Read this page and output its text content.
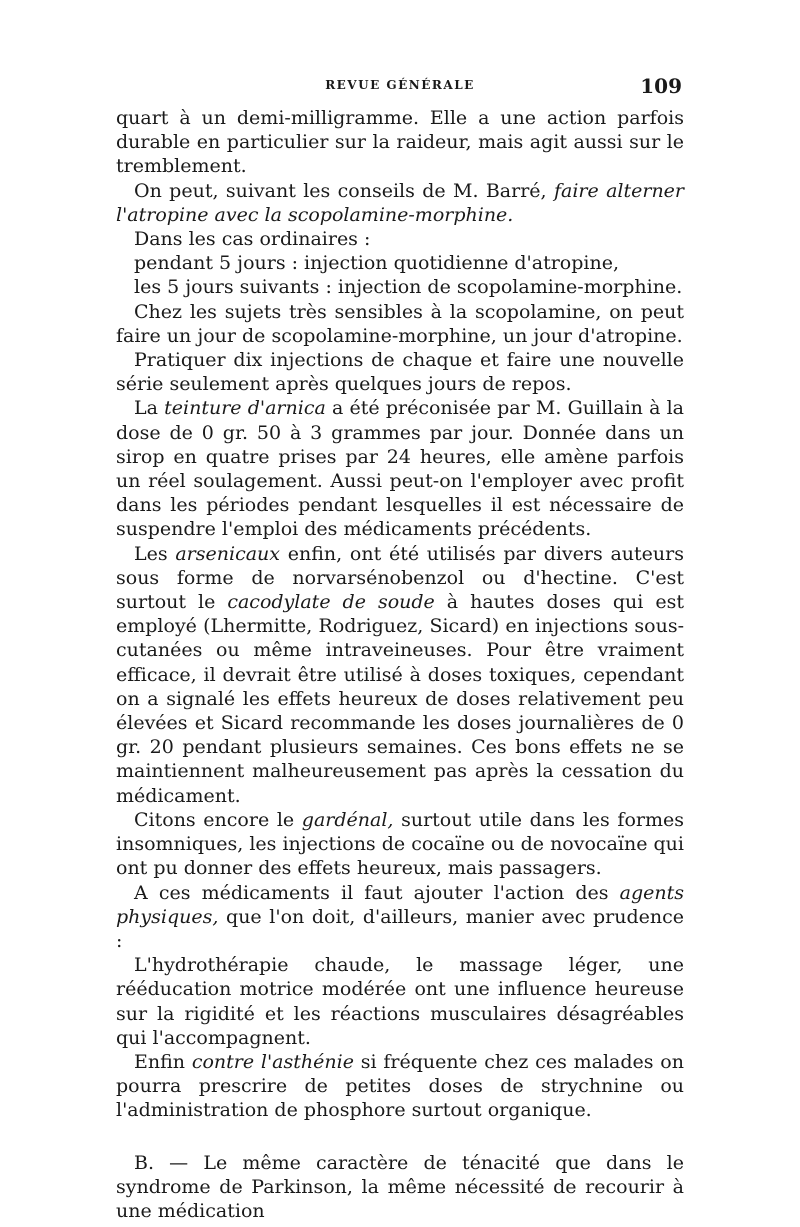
REVUE GÉNÉRALE	109

quart à un demi-milligramme. Elle a une action parfois durable en particulier sur la raideur, mais agit aussi sur le tremblement.

On peut, suivant les conseils de M. Barré, faire alterner l'atropine avec la scopolamine-morphine.

Dans les cas ordinaires :

pendant 5 jours : injection quotidienne d'atropine,

les 5 jours suivants : injection de scopolamine-morphine.

Chez les sujets très sensibles à la scopolamine, on peut faire un jour de scopolamine-morphine, un jour d'atropine.

Pratiquer dix injections de chaque et faire une nouvelle série seulement après quelques jours de repos.

La teinture d'arnica a été préconisée par M. Guillain à la dose de 0 gr. 50 à 3 grammes par jour. Donnée dans un sirop en quatre prises par 24 heures, elle amène parfois un réel soulagement. Aussi peut-on l'employer avec profit dans les périodes pendant lesquelles il est nécessaire de suspendre l'emploi des médicaments précédents.

Les arsenicaux enfin, ont été utilisés par divers auteurs sous forme de norvarsénobenzol ou d'hectine. C'est surtout le cacodylate de soude à hautes doses qui est employé (Lhermitte, Rodriguez, Sicard) en injections sous-cutanées ou même intraveineuses. Pour être vraiment efficace, il devrait être utilisé à doses toxiques, cependant on a signalé les effets heureux de doses relativement peu élevées et Sicard recommande les doses journalières de 0 gr. 20 pendant plusieurs semaines. Ces bons effets ne se maintiennent malheureusement pas après la cessation du médicament.

Citons encore le gardénal, surtout utile dans les formes insomniques, les injections de cocaïne ou de novocaïne qui ont pu donner des effets heureux, mais passagers.

A ces médicaments il faut ajouter l'action des agents physiques, que l'on doit, d'ailleurs, manier avec prudence :

L'hydrothérapie chaude, le massage léger, une rééducation motrice modérée ont une influence heureuse sur la rigidité et les réactions musculaires désagréables qui l'accompagnent.

Enfin contre l'asthénie si fréquente chez ces malades on pourra prescrire de petites doses de strychnine ou l'administration de phosphore surtout organique.

B. — Le même caractère de ténacité que dans le syndrome de Parkinson, la même nécessité de recourir à une médication
